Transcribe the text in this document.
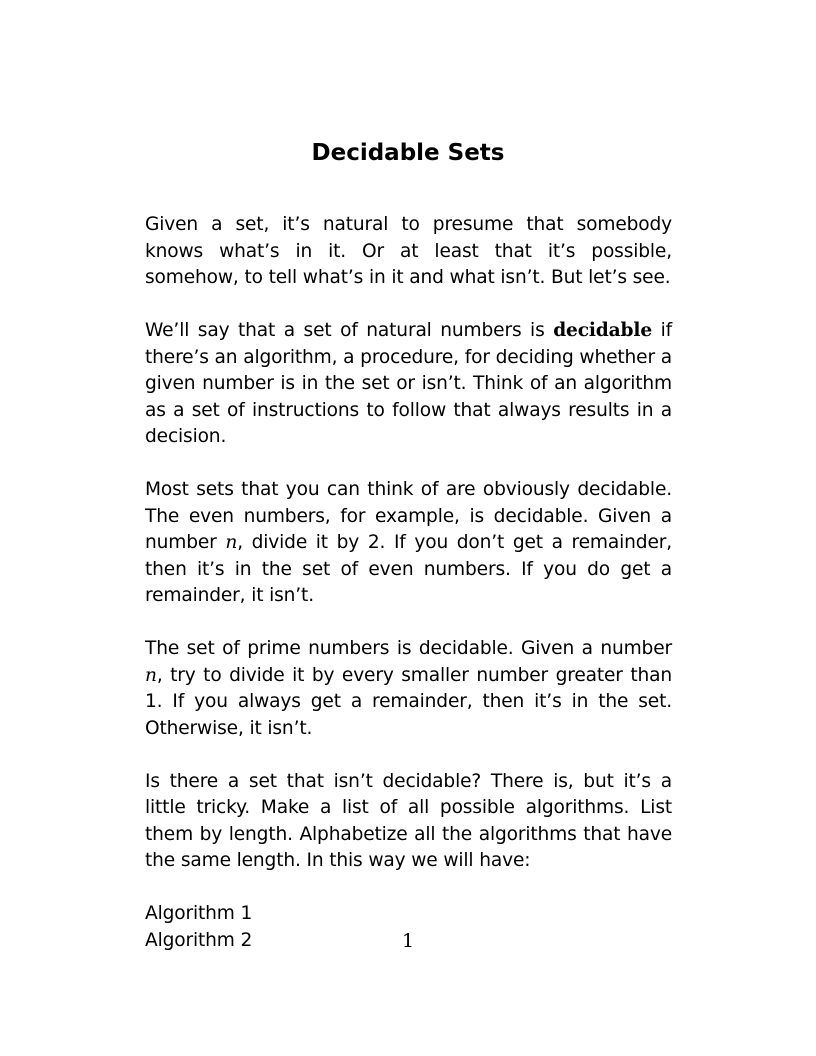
Decidable Sets

Given a set, it’s natural to presume that somebody knows what’s in it. Or at least that it’s possible, somehow, to tell what’s in it and what isn’t. But let’s see.

We’ll say that a set of natural numbers is decidable if there’s an algorithm, a procedure, for deciding whether a given number is in the set or isn’t. Think of an algorithm as a set of instructions to follow that always results in a decision.

Most sets that you can think of are obviously decidable. The even numbers, for example, is decidable. Given a number n, divide it by 2. If you don’t get a remainder, then it’s in the set of even numbers. If you do get a remainder, it isn’t.

The set of prime numbers is decidable. Given a number n, try to divide it by every smaller number greater than 1. If you always get a remainder, then it’s in the set. Otherwise, it isn’t.

Is there a set that isn’t decidable? There is, but it’s a little tricky. Make a list of all possible algorithms. List them by length. Alphabetize all the algorithms that have the same length. In this way we will have:

Algorithm 1
Algorithm 2	1
